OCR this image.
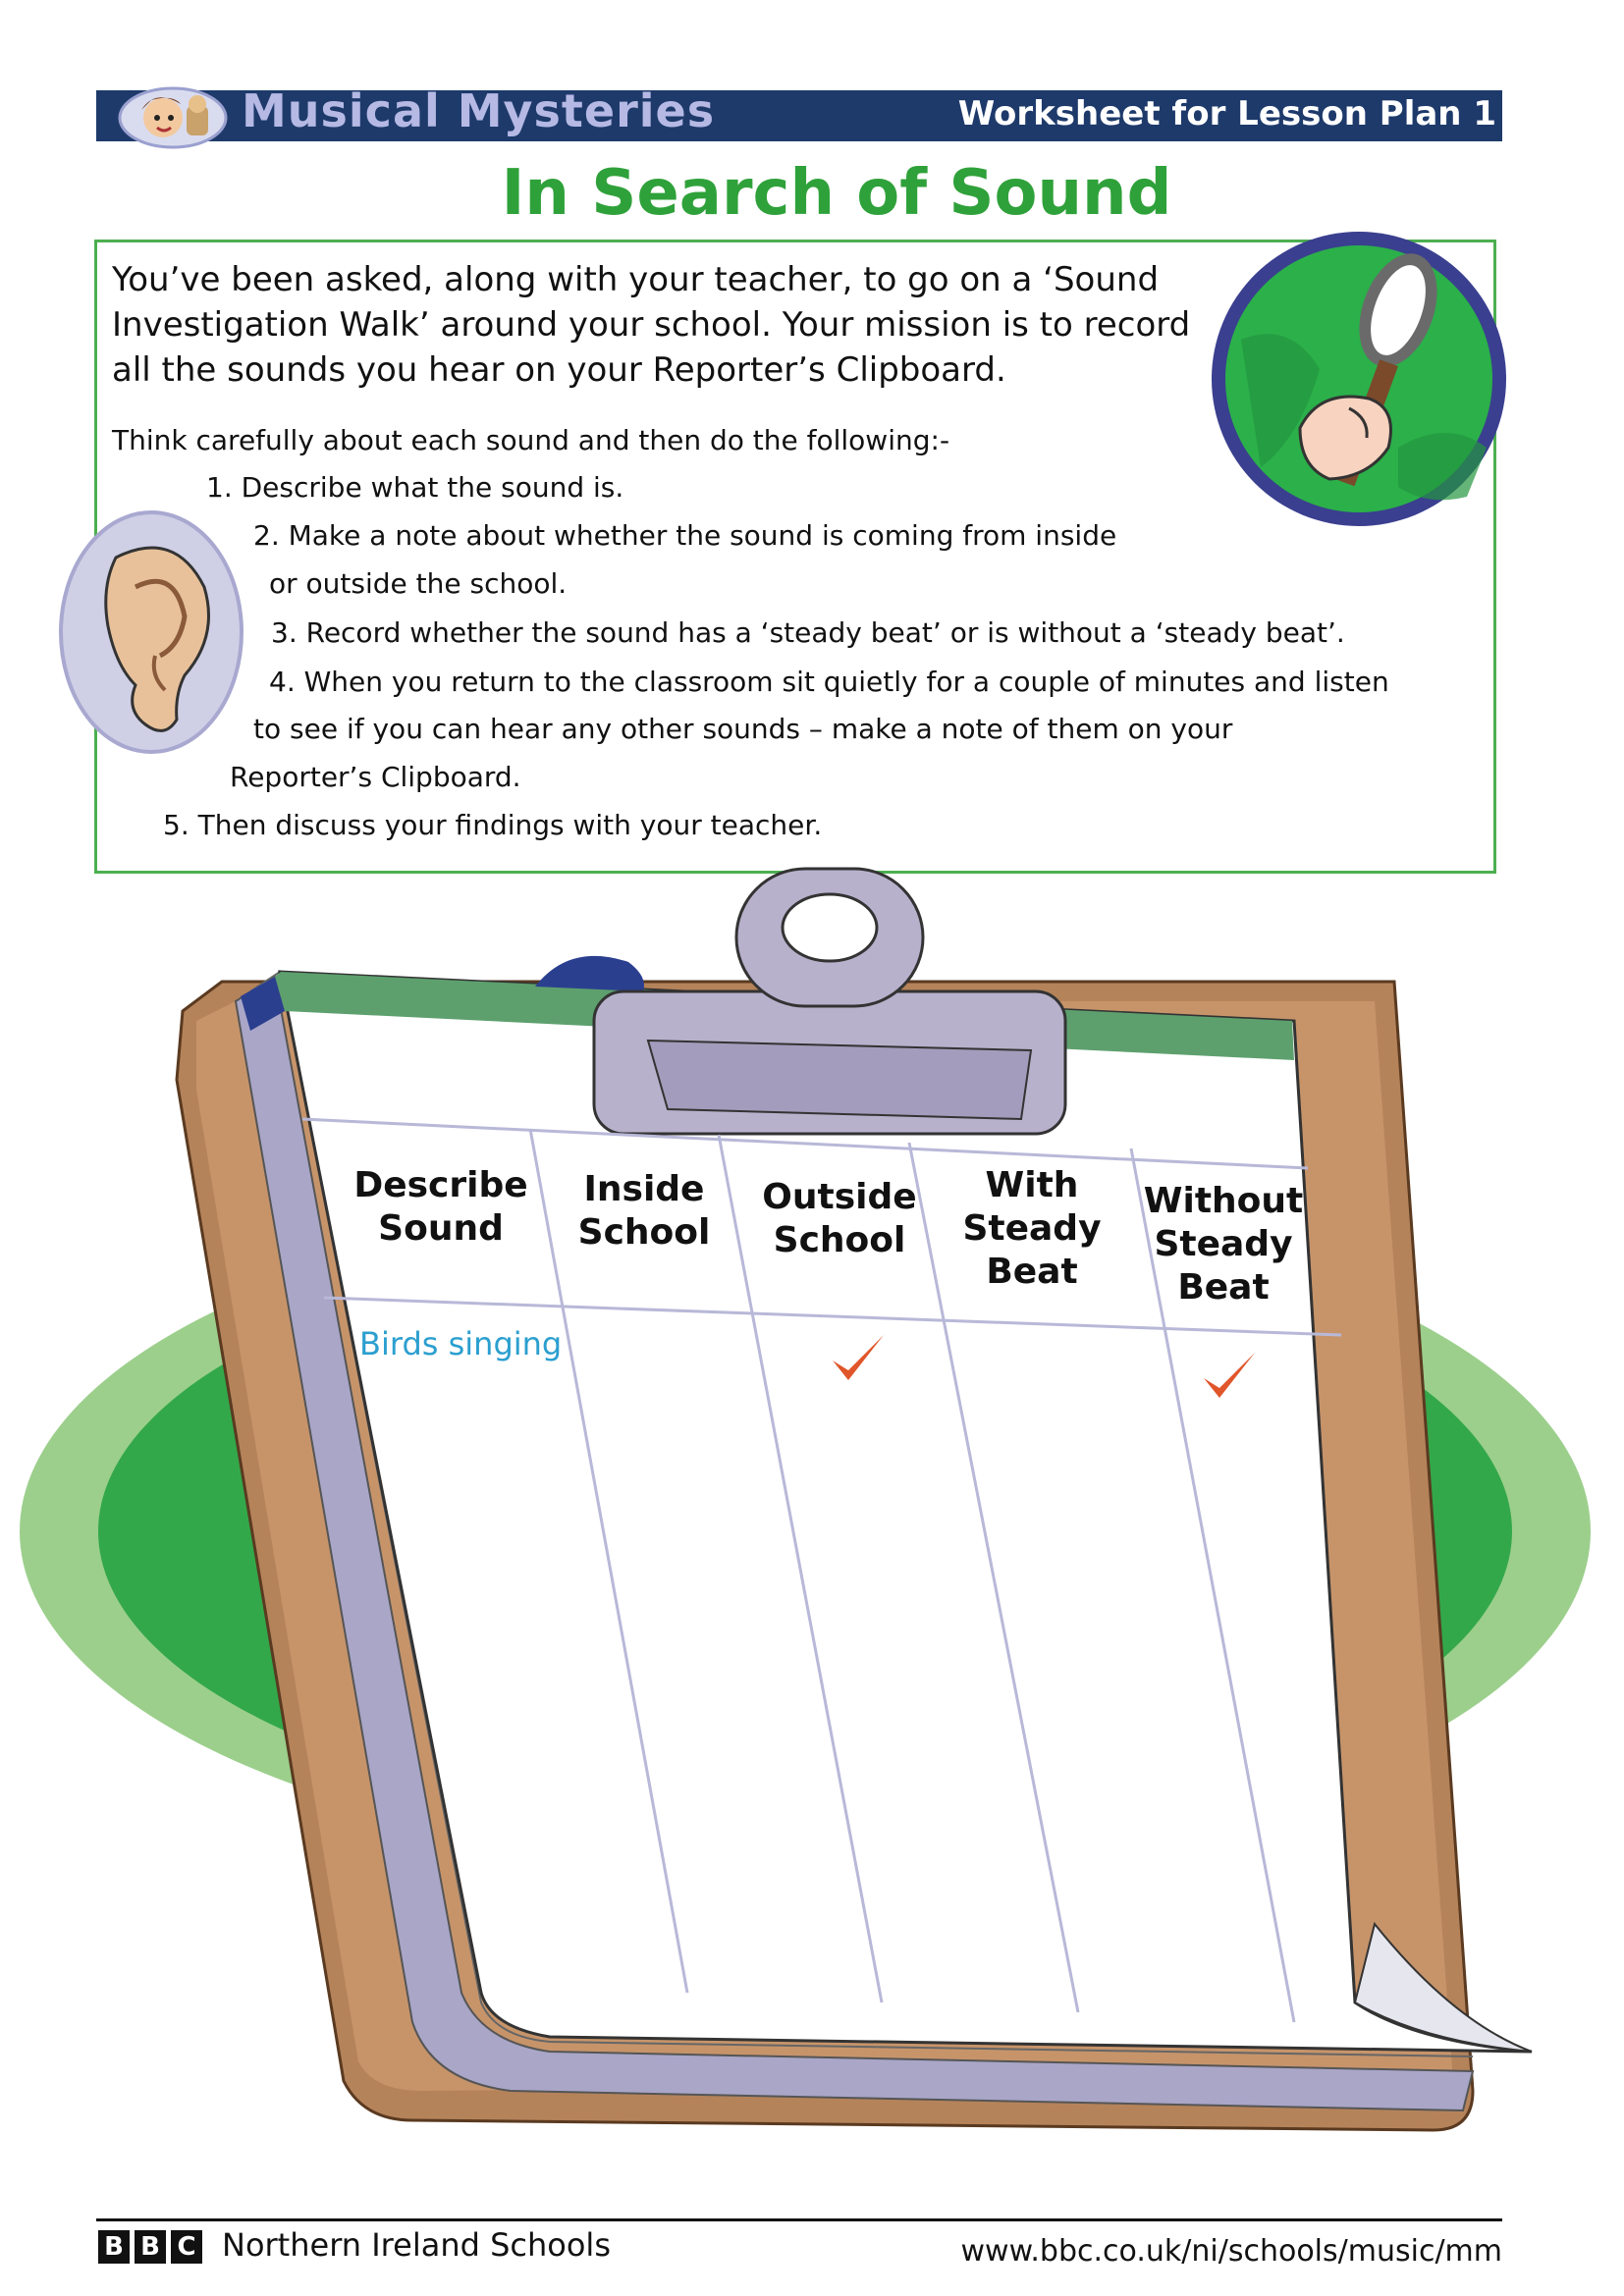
Musical Mysteries	Worksheet for Lesson Plan 1
In Search of Sound
You’ve been asked, along with your teacher, to go on a ‘Sound Investigation Walk’ around your school. Your mission is to record all the sounds you hear on your Reporter’s Clipboard.
Think carefully about each sound and then do the following:-
1. Describe what the sound is.
2. Make a note about whether the sound is coming from inside
or outside the school.
3. Record whether the sound has a ‘steady beat’ or is without a ‘steady beat’.
4. When you return to the classroom sit quietly for a couple of minutes and listen
to see if you can hear any other sounds – make a note of them on your
Reporter’s Clipboard.
5. Then discuss your findings with your teacher.
Describe
Sound
Inside
School
Outside
School
With
Steady
Beat
Without
Steady
Beat
Birds singing
B B C Northern Ireland Schools	www.bbc.co.uk/ni/schools/music/mm
